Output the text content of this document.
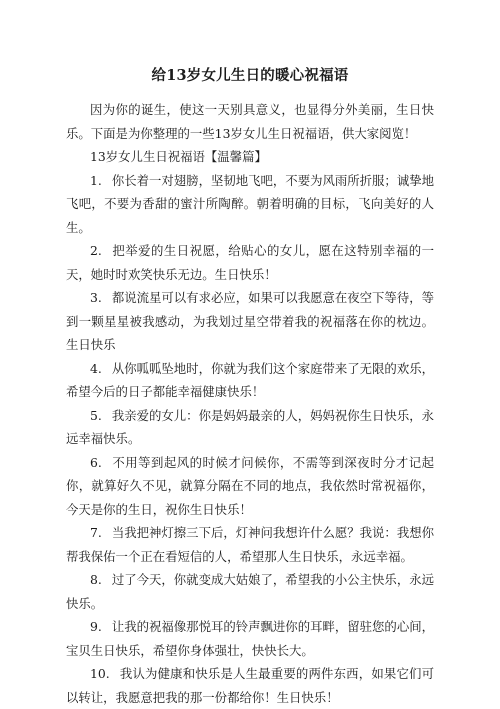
给13岁女儿生日的暖心祝福语

因为你的诞生，使这一天别具意义，也显得分外美丽，生日快乐。下面是为你整理的一些13岁女儿生日祝福语，供大家阅览！

13岁女儿生日祝福语【温馨篇】

1. 你长着一对翅膀，坚韧地飞吧，不要为风雨所折服；诚挚地飞吧，不要为香甜的蜜汁所陶醉。朝着明确的目标，飞向美好的人生。

2. 把举爱的生日祝愿，给贴心的女儿，愿在这特别幸福的一天，她时时欢笑快乐无边。生日快乐！

3. 都说流星可以有求必应，如果可以我愿意在夜空下等待，等到一颗星星被我感动，为我划过星空带着我的祝福落在你的枕边。生日快乐

4. 从你呱呱坠地时，你就为我们这个家庭带来了无限的欢乐，希望今后的日子都能幸福健康快乐！

5. 我亲爱的女儿：你是妈妈最亲的人，妈妈祝你生日快乐，永远幸福快乐。

6. 不用等到起风的时候才问候你，不需等到深夜时分才记起你，就算好久不见，就算分隔在不同的地点，我依然时常祝福你，今天是你的生日，祝你生日快乐！

7. 当我把神灯擦三下后，灯神问我想许什么愿？我说：我想你帮我保佑一个正在看短信的人，希望那人生日快乐，永远幸福。

8. 过了今天，你就变成大姑娘了，希望我的小公主快乐，永远快乐。

9. 让我的祝福像那悦耳的铃声飘进你的耳畔，留驻您的心间，宝贝生日快乐，希望你身体强壮，快快长大。

10. 我认为健康和快乐是人生最重要的两件东西，如果它们可以转让，我愿意把我的那一份都给你！生日快乐！
